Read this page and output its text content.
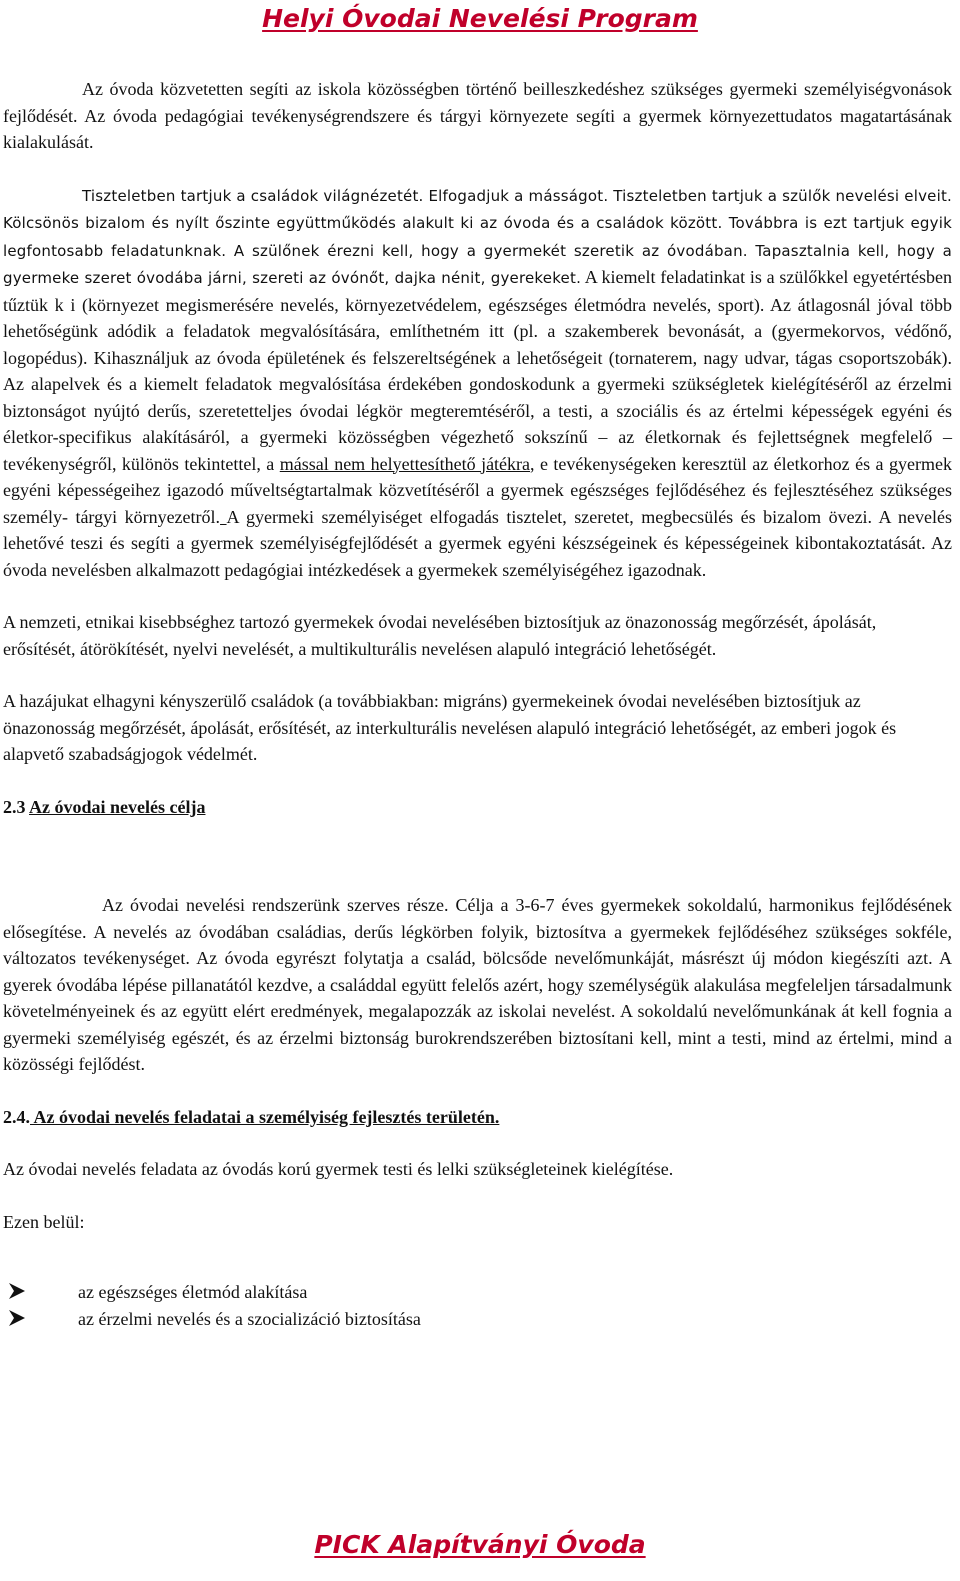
Helyi Óvodai Nevelési Program

Az óvoda közvetetten segíti az iskola közösségben történő beilleszkedéshez szükséges gyermeki személyiségvonások fejlődését. Az óvoda pedagógiai tevékenységrendszere és tárgyi környezete segíti a gyermek környezettudatos magatartásának kialakulását.

Tiszteletben tartjuk a családok világnézetét. Elfogadjuk a másságot. Tiszteletben tartjuk a szülők nevelési elveit. Kölcsönös bizalom és nyílt őszinte együttműködés alakult ki az óvoda és a családok között. Továbbra is ezt tartjuk egyik legfontosabb feladatunknak. A szülőnek érezni kell, hogy a gyermekét szeretik az óvodában. Tapasztalnia kell, hogy a gyermeke szeret óvodába járni, szereti az óvónőt, dajka nénit, gyerekeket. A kiemelt feladatinkat is a szülőkkel egyetértésben tűztük k i (környezet megismerésére nevelés, környezetvédelem, egészséges életmódra nevelés, sport). Az átlagosnál jóval több lehetőségünk adódik a feladatok megvalósítására, említhetném itt (pl. a szakemberek bevonását, a (gyermekorvos, védőnő, logopédus). Kihasználjuk az óvoda épületének és felszereltségének a lehetőségeit (tornaterem, nagy udvar, tágas csoportszobák). Az alapelvek és a kiemelt feladatok megvalósítása érdekében gondoskodunk a gyermeki szükségletek kielégítéséről az érzelmi biztonságot nyújtó derűs, szeretetteljes óvodai légkör megteremtéséről, a testi, a szociális és az értelmi képességek egyéni és életkor-specifikus alakításáról, a gyermeki közösségben végezhető sokszínű – az életkornak és fejlettségnek megfelelő – tevékenységről, különös tekintettel, a mással nem helyettesíthető játékra, e tevékenységeken keresztül az életkorhoz és a gyermek egyéni képességeihez igazodó műveltségtartalmak közvetítéséről a gyermek egészséges fejlődéséhez és fejlesztéséhez szükséges személy- tárgyi környezetről. A gyermeki személyiséget elfogadás tisztelet, szeretet, megbecsülés és bizalom övezi. A nevelés lehetővé teszi és segíti a gyermek személyiségfejlődését a gyermek egyéni készségeinek és képességeinek kibontakoztatását. Az óvoda nevelésben alkalmazott pedagógiai intézkedések a gyermekek személyiségéhez igazodnak.

A nemzeti, etnikai kisebbséghez tartozó gyermekek óvodai nevelésében biztosítjuk az önazonosság megőrzését, ápolását, erősítését, átörökítését, nyelvi nevelését, a multikulturális nevelésen alapuló integráció lehetőségét.

A hazájukat elhagyni kényszerülő családok (a továbbiakban: migráns) gyermekeinek óvodai nevelésében biztosítjuk az önazonosság megőrzését, ápolását, erősítését, az interkulturális nevelésen alapuló integráció lehetőségét, az emberi jogok és alapvető szabadságjogok védelmét.

2.3 Az óvodai nevelés célja

Az óvodai nevelési rendszerünk szerves része. Célja a 3-6-7 éves gyermekek sokoldalú, harmonikus fejlődésének elősegítése. A nevelés az óvodában családias, derűs légkörben folyik, biztosítva a gyermekek fejlődéséhez szükséges sokféle, változatos tevékenységet. Az óvoda egyrészt folytatja a család, bölcsőde nevelőmunkáját, másrészt új módon kiegészíti azt. A gyerek óvodába lépése pillanatától kezdve, a családdal együtt felelős azért, hogy személységük alakulása megfeleljen társadalmunk követelményeinek és az együtt elért eredmények, megalapozzák az iskolai nevelést. A sokoldalú nevelőmunkának át kell fognia a gyermeki személyiség egészét, és az érzelmi biztonság burokrendszerében biztosítani kell, mint a testi, mind az értelmi, mind a közösségi fejlődést.

2.4. Az óvodai nevelés feladatai a személyiség fejlesztés területén.

Az óvodai nevelés feladata az óvodás korú gyermek testi és lelki szükségleteinek kielégítése.

Ezen belül:

az egészséges életmód alakítása
az érzelmi nevelés és a szocializáció biztosítása
PICK Alapítványi Óvoda
